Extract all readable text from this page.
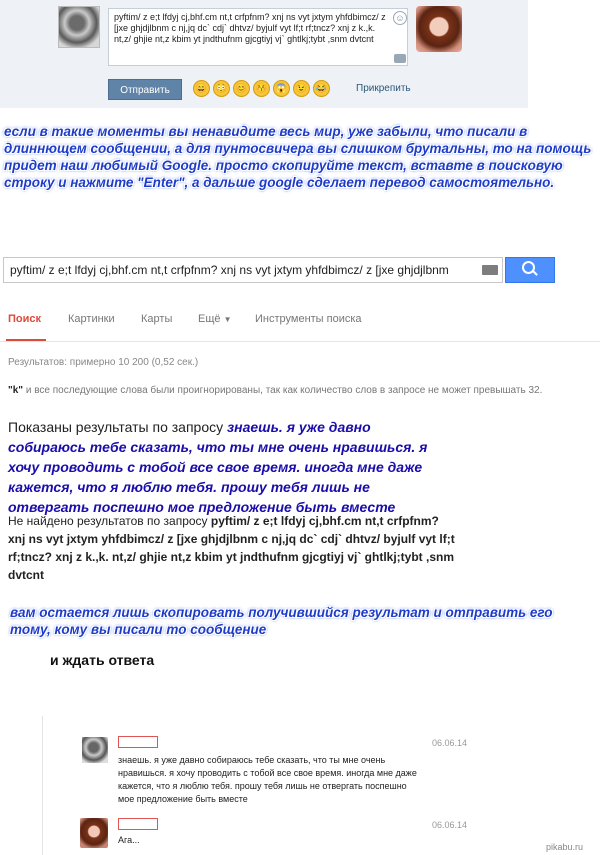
pyftim/ z e;t lfdyj cj,bhf.cm nt,t crfpfnm? xnj ns vyt jxtym yhfdbimcz/ z [jxe ghjdjlbnm c nj,jq dc` cdj` dhtvz/ byjulf vyt lf;t rf;tncz? xnj z k.,k. nt,z/ ghjie nt,z kbim yt jndthufnm gjcgtiyj vj` ghtlkj;tybt ,snm dvtcnt
☺
Отправить	😄 😳 😊 😚 😱 😉 😂	Прикрепить
если в такие моменты вы ненавидите весь мир, уже забыли, что писали в длиннющем сообщении, а для пунтосвичера вы слишком брутальны, то на помощь придет наш любимый Google. просто скопируйте текст, вставте в поисковую строку и нажмите "Enter", а дальше google сделает перевод самостоятельно.
pyftim/ z e;t lfdyj cj,bhf.cm nt,t crfpfnm? xnj ns vyt jxtym yhfdbimcz/ z [jxe ghjdjlbnm
Поиск Картинки Карты Ещё ▼ Инструменты поиска
Результатов: примерно 10 200 (0,52 сек.)
"k" и все последующие слова были проигнорированы, так как количество слов в запросе не может превышать 32.
Показаны результаты по запросу знаешь. я уже давно собираюсь тебе сказать, что ты мне очень нравишься. я хочу проводить с тобой все свое время. иногда мне даже кажется, что я люблю тебя. прошу тебя лишь не отвергать поспешно мое предложение быть вместе
Не найдено результатов по запросу pyftim/ z e;t lfdyj cj,bhf.cm nt,t crfpfnm? xnj ns vyt jxtym yhfdbimcz/ z [jxe ghjdjlbnm c nj,jq dc` cdj` dhtvz/ byjulf vyt lf;t rf;tncz? xnj z k.,k. nt,z/ ghjie nt,z kbim yt jndthufnm gjcgtiyj vj` ghtlkj;tybt ,snm dvtcnt
вам остается лишь скопировать получившийся результат и отправить его тому, кому вы писали то сообщение
и ждать ответа
06.06.14
знаешь. я уже давно собираюсь тебе сказать, что ты мне очень нравишься. я хочу проводить с тобой все свое время. иногда мне даже кажется, что я люблю тебя. прошу тебя лишь не отвергать поспешно мое предложение быть вместе
06.06.14
Ага...
pikabu.ru
